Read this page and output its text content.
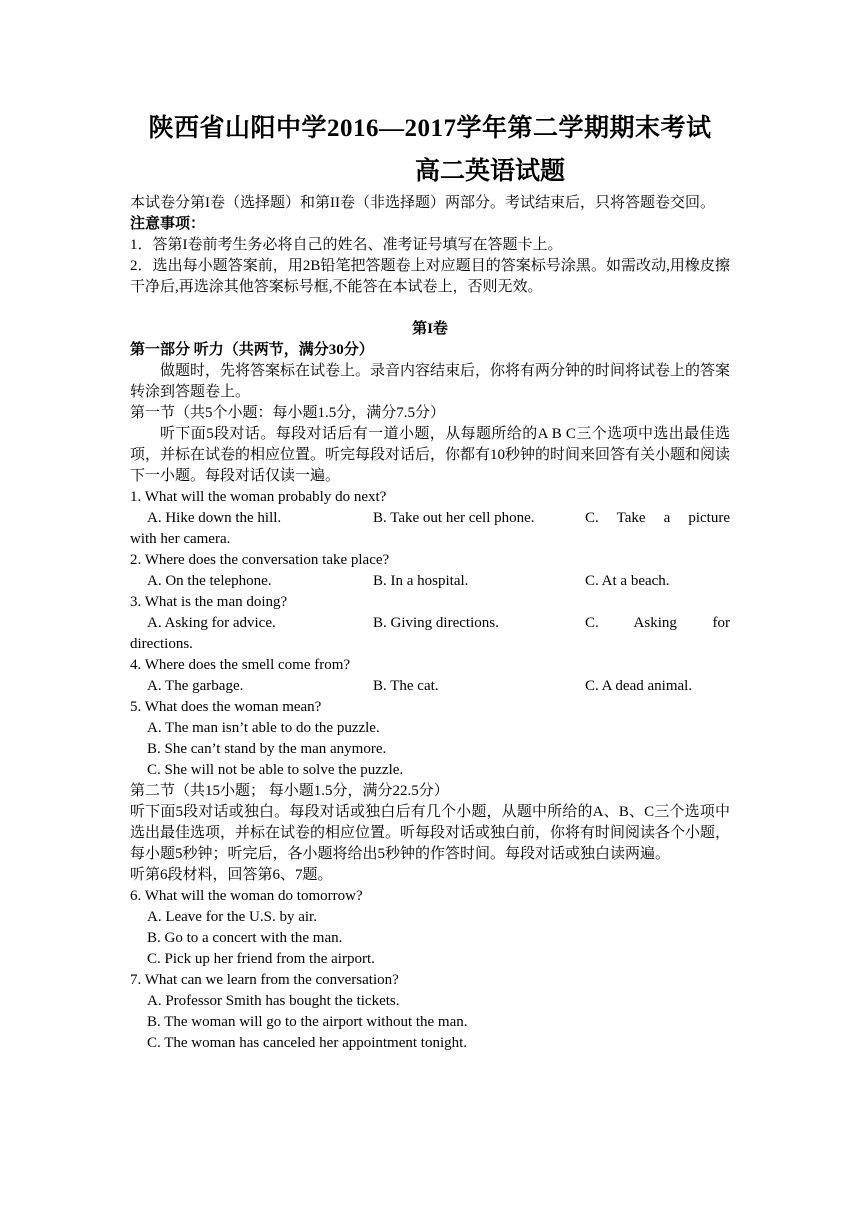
陕西省山阳中学2016—2017学年第二学期期末考试
高二英语试题

本试卷分第I卷（选择题）和第II卷（非选择题）两部分。考试结束后，只将答题卷交回。

注意事项：

1．答第I卷前考生务必将自己的姓名、准考证号填写在答题卡上。

2．选出每小题答案前，用2B铅笔把答题卷上对应题目的答案标号涂黑。如需改动,用橡皮擦干净后,再选涂其他答案标号框,不能答在本试卷上，否则无效。

第I卷

第一部分 听力（共两节，满分30分）

做题时，先将答案标在试卷上。录音内容结束后，你将有两分钟的时间将试卷上的答案转涂到答题卷上。

第一节（共5个小题：每小题1.5分，满分7.5分）

听下面5段对话。每段对话后有一道小题，从每题所给的A B C三个选项中选出最佳选项，并标在试卷的相应位置。听完每段对话后，你都有10秒钟的时间来回答有关小题和阅读下一小题。每段对话仅读一遍。

1. What will the woman probably do next?

A. Hike down the hill.	B. Take out her cell phone.	C. Take a picture

with her camera.

2. Where does the conversation take place?

A. On the telephone.	B. In a hospital.	C. At a beach.

3. What is the man doing?

A. Asking for advice.	B. Giving directions.	C. Asking for

directions.

4. Where does the smell come from?

A. The garbage.	B. The cat.	C. A dead animal.

5. What does the woman mean?

A. The man isn’t able to do the puzzle.

B. She can’t stand by the man anymore.

C. She will not be able to solve the puzzle.

第二节（共15小题； 每小题1.5分，满分22.5分）

听下面5段对话或独白。每段对话或独白后有几个小题，从题中所给的A、B、C三个选项中选出最佳选项，并标在试卷的相应位置。听每段对话或独白前，你将有时间阅读各个小题，每小题5秒钟；听完后，各小题将给出5秒钟的作答时间。每段对话或独白读两遍。

听第6段材料，回答第6、7题。

6. What will the woman do tomorrow?

A. Leave for the U.S. by air.

B. Go to a concert with the man.

C. Pick up her friend from the airport.

7. What can we learn from the conversation?

A. Professor Smith has bought the tickets.

B. The woman will go to the airport without the man.

C. The woman has canceled her appointment tonight.
